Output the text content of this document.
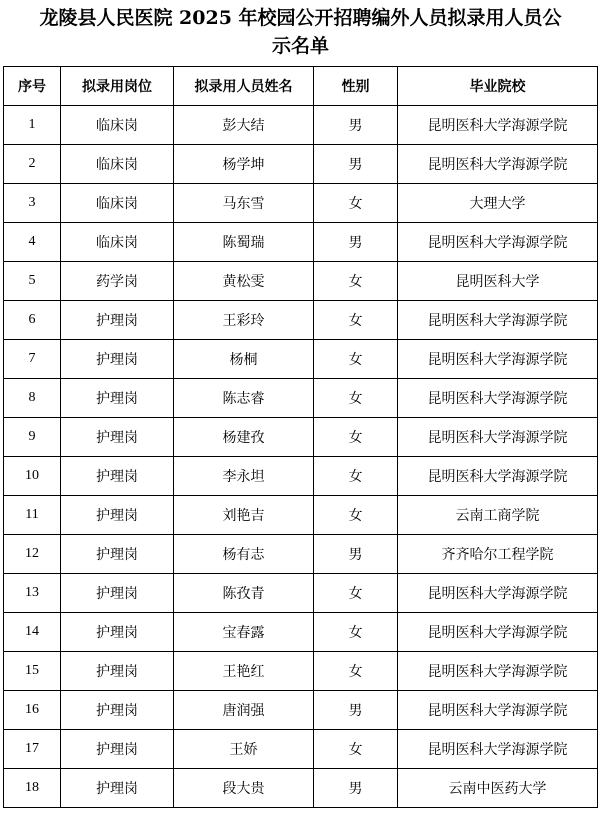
龙陵县人民医院 2025 年校园公开招聘编外人员拟录用人员公
示名单
序号	拟录用岗位	拟录用人员姓名	性别	毕业院校
1	临床岗	彭大结	男	昆明医科大学海源学院
2	临床岗	杨学坤	男	昆明医科大学海源学院
3	临床岗	马东雪	女	大理大学
4	临床岗	陈蜀瑞	男	昆明医科大学海源学院
5	药学岗	黄松雯	女	昆明医科大学
6	护理岗	王彩玲	女	昆明医科大学海源学院
7	护理岗	杨桐	女	昆明医科大学海源学院
8	护理岗	陈志睿	女	昆明医科大学海源学院
9	护理岗	杨建孜	女	昆明医科大学海源学院
10	护理岗	李永坦	女	昆明医科大学海源学院
11	护理岗	刘艳吉	女	云南工商学院
12	护理岗	杨有志	男	齐齐哈尔工程学院
13	护理岗	陈孜青	女	昆明医科大学海源学院
14	护理岗	宝春露	女	昆明医科大学海源学院
15	护理岗	王艳红	女	昆明医科大学海源学院
16	护理岗	唐润强	男	昆明医科大学海源学院
17	护理岗	王娇	女	昆明医科大学海源学院
18	护理岗	段大贵	男	云南中医药大学
